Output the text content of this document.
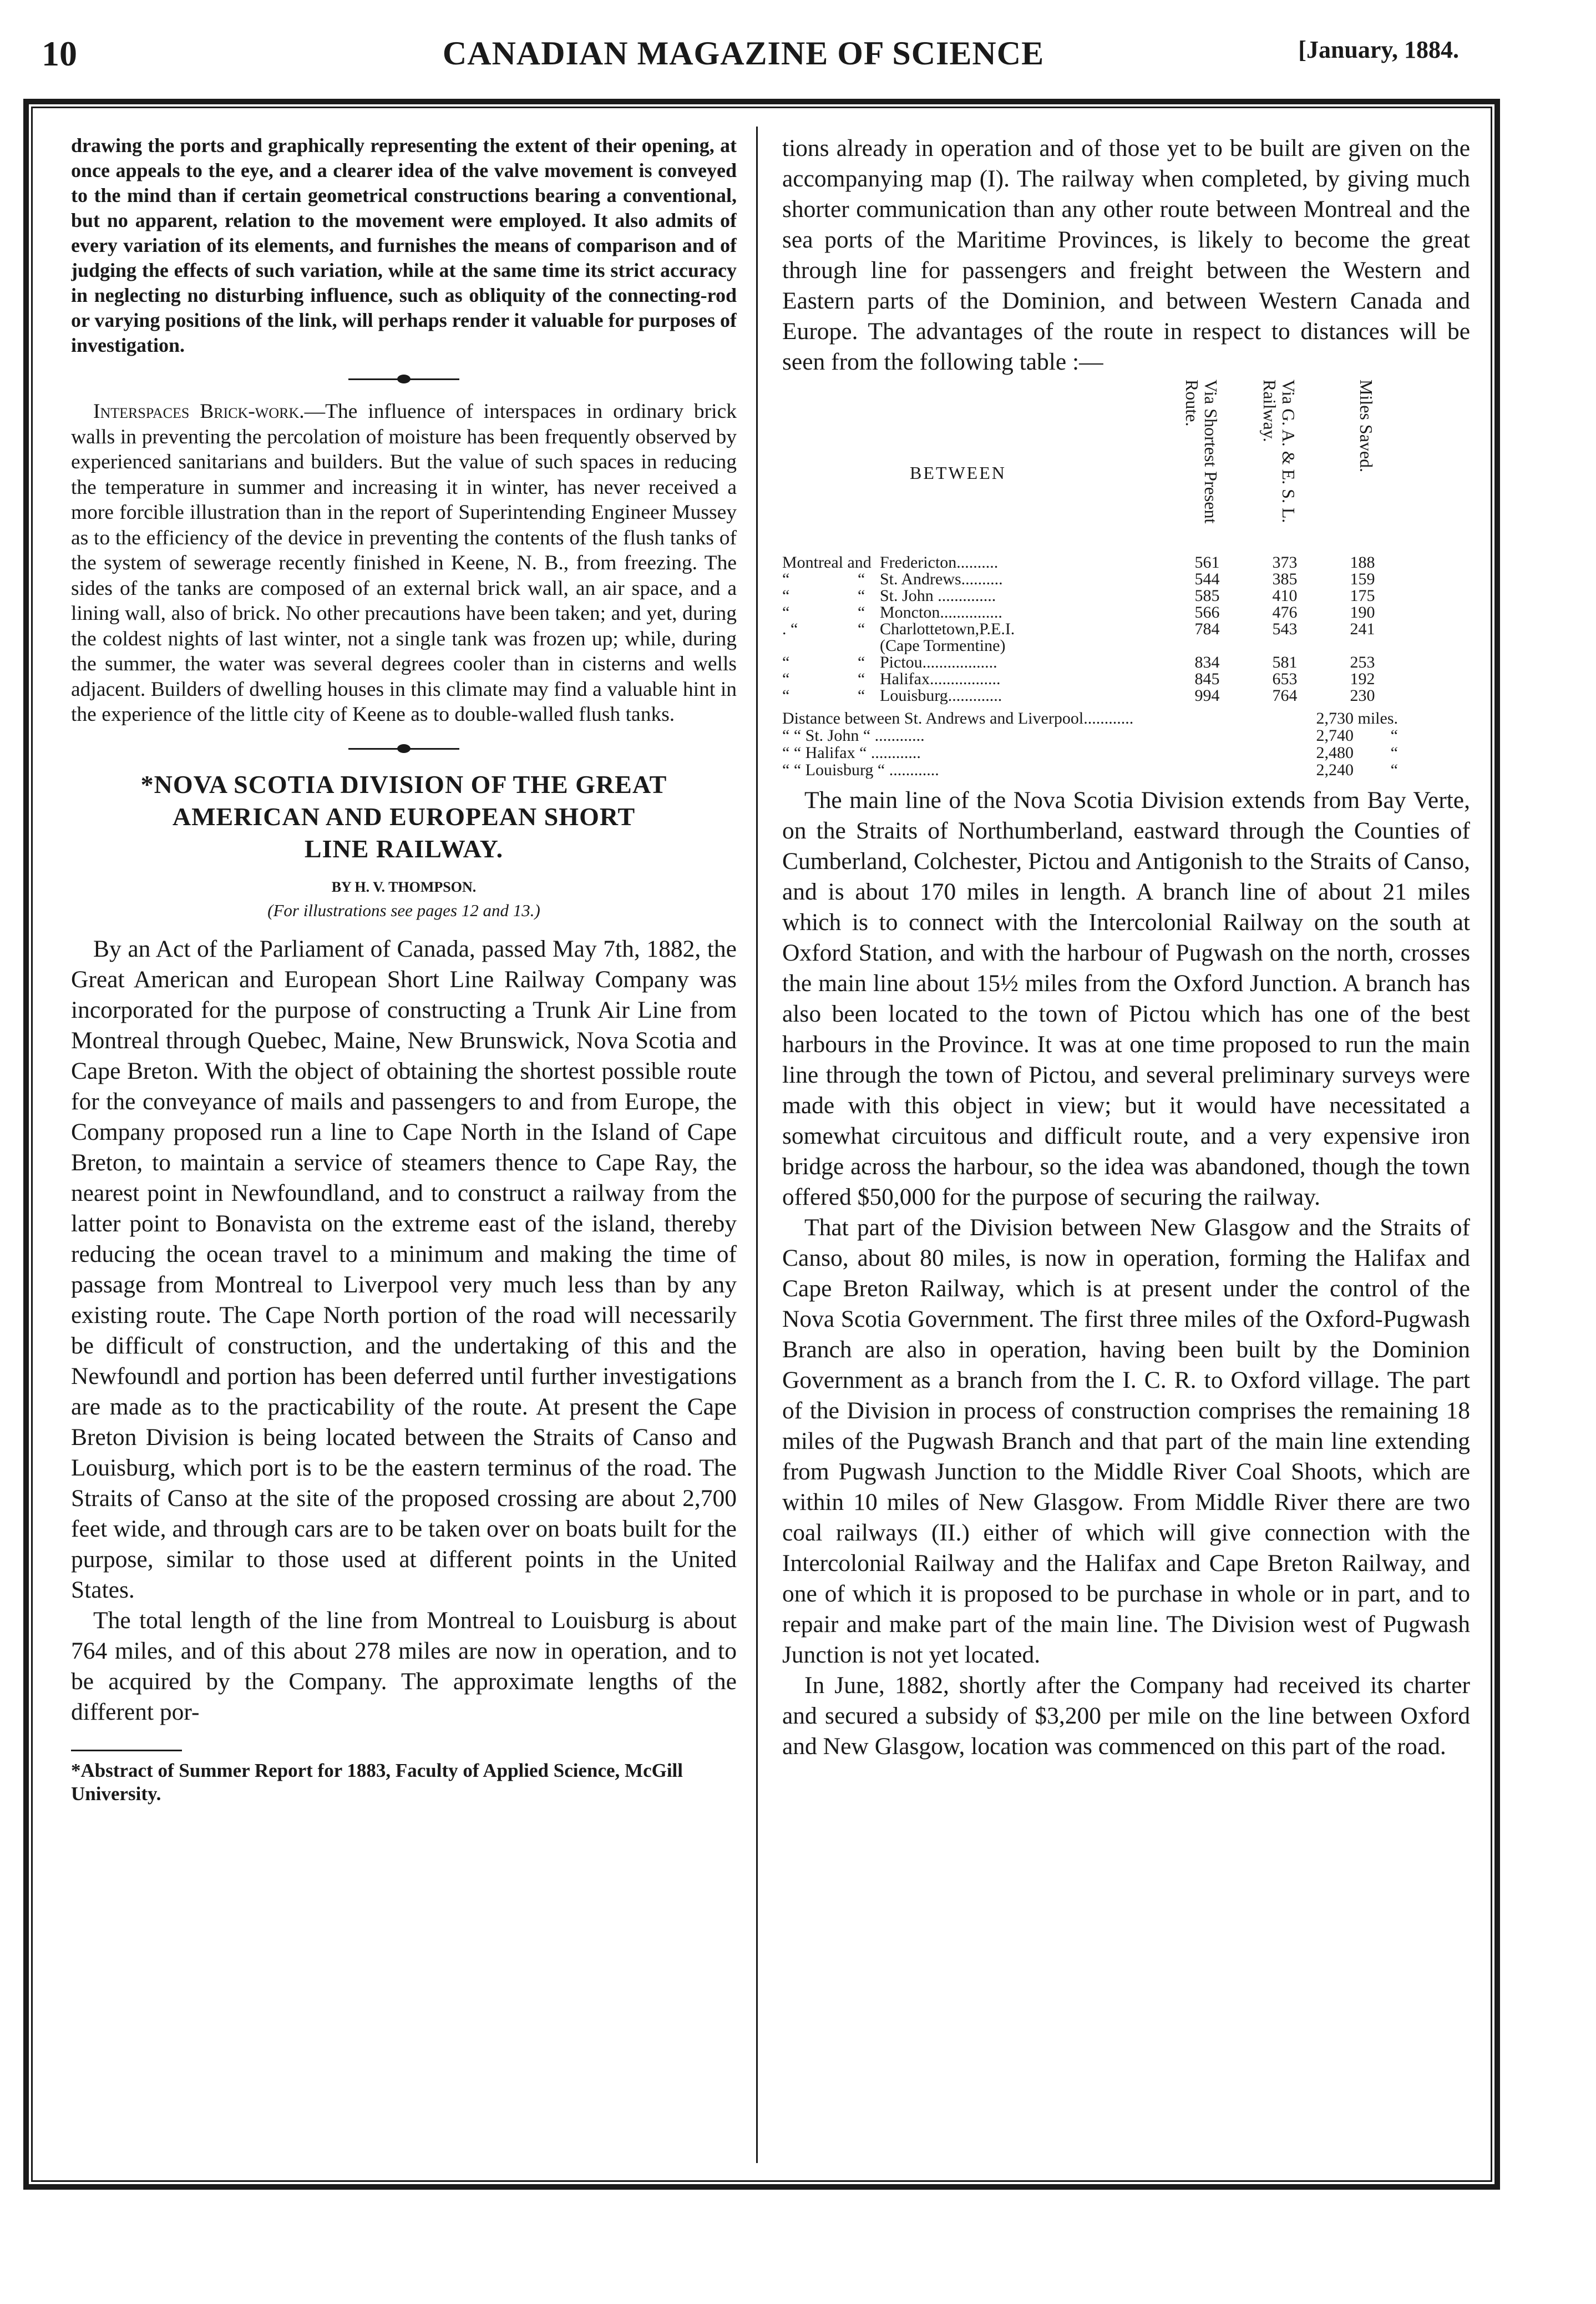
10	CANADIAN MAGAZINE OF SCIENCE	[January, 1884.

drawing the ports and graphically representing the extent of their opening, at once appeals to the eye, and a clearer idea of the valve movement is conveyed to the mind than if certain geometrical constructions bearing a conventional, but no apparent, relation to the movement were employed. It also admits of every variation of its elements, and furnishes the means of comparison and of judging the effects of such variation, while at the same time its strict accuracy in neglecting no disturbing influence, such as obliquity of the connecting-rod or varying positions of the link, will perhaps render it valuable for purposes of investigation.

Interspaces Brick-work.—The influence of interspaces in ordinary brick walls in preventing the percolation of moisture has been frequently observed by experienced sanitarians and builders. But the value of such spaces in reducing the temperature in summer and increasing it in winter, has never received a more forcible illustration than in the report of Superintending Engineer Mussey as to the efficiency of the device in preventing the contents of the flush tanks of the system of sewerage recently finished in Keene, N. B., from freezing. The sides of the tanks are composed of an external brick wall, an air space, and a lining wall, also of brick. No other precautions have been taken; and yet, during the coldest nights of last winter, not a single tank was frozen up; while, during the summer, the water was several degrees cooler than in cisterns and wells adjacent. Builders of dwelling houses in this climate may find a valuable hint in the experience of the little city of Keene as to double-walled flush tanks.

*NOVA SCOTIA DIVISION OF THE GREAT
AMERICAN AND EUROPEAN SHORT
LINE RAILWAY.
BY H. V. THOMPSON.
(For illustrations see pages 12 and 13.)

By an Act of the Parliament of Canada, passed May 7th, 1882, the Great American and European Short Line Railway Company was incorporated for the purpose of constructing a Trunk Air Line from Montreal through Quebec, Maine, New Brunswick, Nova Scotia and Cape Breton. With the object of obtaining the shortest possible route for the conveyance of mails and passengers to and from Europe, the Company proposed run a line to Cape North in the Island of Cape Breton, to maintain a service of steamers thence to Cape Ray, the nearest point in Newfoundland, and to construct a railway from the latter point to Bonavista on the extreme east of the island, thereby reducing the ocean travel to a minimum and making the time of passage from Montreal to Liverpool very much less than by any existing route. The Cape North portion of the road will necessarily be difficult of construction, and the undertaking of this and the Newfoundl and portion has been deferred until further investigations are made as to the practicability of the route. At present the Cape Breton Division is being located between the Straits of Canso and Louisburg, which port is to be the eastern terminus of the road. The Straits of Canso at the site of the proposed crossing are about 2,700 feet wide, and through cars are to be taken over on boats built for the purpose, similar to those used at different points in the United States.

The total length of the line from Montreal to Louisburg is about 764 miles, and of this about 278 miles are now in operation, and to be acquired by the Company. The approximate lengths of the different por-

*Abstract of Summer Report for 1883, Faculty of Applied Science, McGill University.

tions already in operation and of those yet to be built are given on the accompanying map (I). The railway when completed, by giving much shorter communication than any other route between Montreal and the sea ports of the Maritime Provinces, is likely to become the great through line for passengers and freight between the Western and Eastern parts of the Dominion, and between Western Canada and Europe. The advantages of the route in respect to distances will be seen from the following table :—

BETWEEN	Via Shortest Present Route.	Via G. A. & E. S. L. Railway.	Miles Saved.
Montreal and Fredericton..........	561	373	188
“	“ St. Andrews..........	544	385	159
“	“ St. John ..............	585	410	175
“	“ Moncton...............	566	476	190
. “	“ Charlottetown,P.E.I.	784	543	241
(Cape Tormentine)
“	“ Pictou..................	834	581	253
“	“ Halifax.................	845	653	192
“	“ Louisburg.............	994	764	230
Distance between St. Andrews and Liverpool............	2,730 miles.
“ “ St. John “ ............	2,740	“
“ “ Halifax “ ............	2,480	“
“ “ Louisburg “ ............	2,240	“

The main line of the Nova Scotia Division extends from Bay Verte, on the Straits of Northumberland, eastward through the Counties of Cumberland, Colchester, Pictou and Antigonish to the Straits of Canso, and is about 170 miles in length. A branch line of about 21 miles which is to connect with the Intercolonial Railway on the south at Oxford Station, and with the harbour of Pugwash on the north, crosses the main line about 15½ miles from the Oxford Junction. A branch has also been located to the town of Pictou which has one of the best harbours in the Province. It was at one time proposed to run the main line through the town of Pictou, and several preliminary surveys were made with this object in view; but it would have necessitated a somewhat circuitous and difficult route, and a very expensive iron bridge across the harbour, so the idea was abandoned, though the town offered $50,000 for the purpose of securing the railway.

That part of the Division between New Glasgow and the Straits of Canso, about 80 miles, is now in operation, forming the Halifax and Cape Breton Railway, which is at present under the control of the Nova Scotia Government. The first three miles of the Oxford-Pugwash Branch are also in operation, having been built by the Dominion Government as a branch from the I. C. R. to Oxford village. The part of the Division in process of construction comprises the remaining 18 miles of the Pugwash Branch and that part of the main line extending from Pugwash Junction to the Middle River Coal Shoots, which are within 10 miles of New Glasgow. From Middle River there are two coal railways (II.) either of which will give connection with the Intercolonial Railway and the Halifax and Cape Breton Railway, and one of which it is proposed to be purchase in whole or in part, and to repair and make part of the main line. The Division west of Pugwash Junction is not yet located.

In June, 1882, shortly after the Company had received its charter and secured a subsidy of $3,200 per mile on the line between Oxford and New Glasgow, location was commenced on this part of the road.
